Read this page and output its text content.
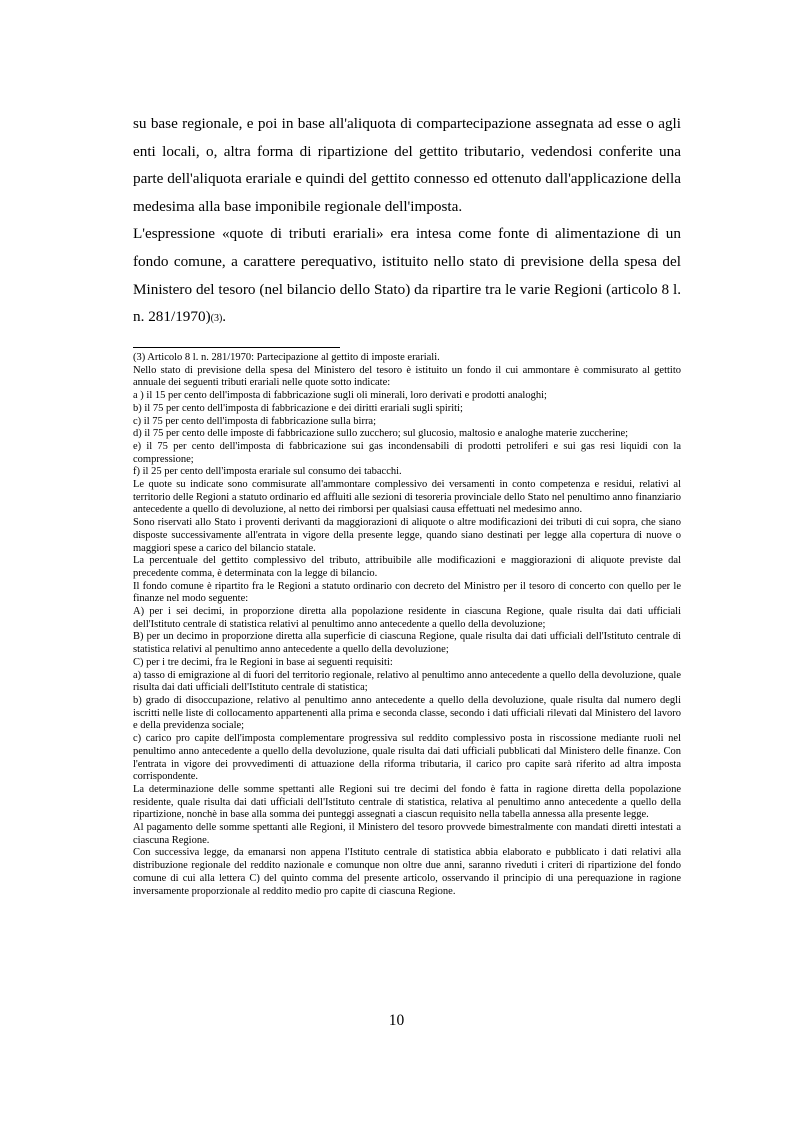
su base regionale, e poi in base all'aliquota di compartecipazione assegnata ad esse o agli enti locali, o, altra forma di ripartizione del gettito tributario, vedendosi conferite una parte dell'aliquota erariale e quindi del gettito connesso ed ottenuto dall'applicazione della medesima alla base imponibile regionale dell'imposta.

L'espressione «quote di tributi erariali» era intesa come fonte di alimentazione di un fondo comune, a carattere perequativo, istituito nello stato di previsione della spesa del Ministero del tesoro (nel bilancio dello Stato) da ripartire tra le varie Regioni (articolo 8 l. n. 281/1970)(3).

(3) Articolo 8 l. n. 281/1970: Partecipazione al gettito di imposte erariali.

Nello stato di previsione della spesa del Ministero del tesoro è istituito un fondo il cui ammontare è commisurato al gettito annuale dei seguenti tributi erariali nelle quote sotto indicate:

a ) il 15 per cento dell'imposta di fabbricazione sugli oli minerali, loro derivati e prodotti analoghi;

b) il 75 per cento dell'imposta di fabbricazione e dei diritti erariali sugli spiriti;

c) il 75 per cento dell'imposta di fabbricazione sulla birra;

d) il 75 per cento delle imposte di fabbricazione sullo zucchero; sul glucosio, maltosio e analoghe materie zuccherine;

e) il 75 per cento dell'imposta di fabbricazione sui gas incondensabili di prodotti petroliferi e sui gas resi liquidi con la compressione;

f) il 25 per cento dell'imposta erariale sul consumo dei tabacchi.

Le quote su indicate sono commisurate all'ammontare complessivo dei versamenti in conto competenza e residui, relativi al territorio delle Regioni a statuto ordinario ed affluiti alle sezioni di tesoreria provinciale dello Stato nel penultimo anno finanziario antecedente a quello di devoluzione, al netto dei rimborsi per qualsiasi causa effettuati nel medesimo anno.

Sono riservati allo Stato i proventi derivanti da maggiorazioni di aliquote o altre modificazioni dei tributi di cui sopra, che siano disposte successivamente all'entrata in vigore della presente legge, quando siano destinati per legge alla copertura di nuove o maggiori spese a carico del bilancio statale.

La percentuale del gettito complessivo del tributo, attribuibile alle modificazioni e maggiorazioni di aliquote previste dal precedente comma, è determinata con la legge di bilancio.

Il fondo comune è ripartito fra le Regioni a statuto ordinario con decreto del Ministro per il tesoro di concerto con quello per le finanze nel modo seguente:

A) per i sei decimi, in proporzione diretta alla popolazione residente in ciascuna Regione, quale risulta dai dati ufficiali dell'Istituto centrale di statistica relativi al penultimo anno antecedente a quello della devoluzione;

B) per un decimo in proporzione diretta alla superficie di ciascuna Regione, quale risulta dai dati ufficiali dell'Istituto centrale di statistica relativi al penultimo anno antecedente a quello della devoluzione;

C) per i tre decimi, fra le Regioni in base ai seguenti requisiti:

a) tasso di emigrazione al di fuori del territorio regionale, relativo al penultimo anno antecedente a quello della devoluzione, quale risulta dai dati ufficiali dell'Istituto centrale di statistica;

b) grado di disoccupazione, relativo al penultimo anno antecedente a quello della devoluzione, quale risulta dal numero degli iscritti nelle liste di collocamento appartenenti alla prima e seconda classe, secondo i dati ufficiali rilevati dal Ministero del lavoro e della previdenza sociale;

c) carico pro capite dell'imposta complementare progressiva sul reddito complessivo posta in riscossione mediante ruoli nel penultimo anno antecedente a quello della devoluzione, quale risulta dai dati ufficiali pubblicati dal Ministero delle finanze. Con l'entrata in vigore dei provvedimenti di attuazione della riforma tributaria, il carico pro capite sarà riferito ad altra imposta corrispondente.

La determinazione delle somme spettanti alle Regioni sui tre decimi del fondo è fatta in ragione diretta della popolazione residente, quale risulta dai dati ufficiali dell'Istituto centrale di statistica, relativa al penultimo anno antecedente a quello della ripartizione, nonchè in base alla somma dei punteggi assegnati a ciascun requisito nella tabella annessa alla presente legge.

Al pagamento delle somme spettanti alle Regioni, il Ministero del tesoro provvede bimestralmente con mandati diretti intestati a ciascuna Regione.

Con successiva legge, da emanarsi non appena l'Istituto centrale di statistica abbia elaborato e pubblicato i dati relativi alla distribuzione regionale del reddito nazionale e comunque non oltre due anni, saranno riveduti i criteri di ripartizione del fondo comune di cui alla lettera C) del quinto comma del presente articolo, osservando il principio di una perequazione in ragione inversamente proporzionale al reddito medio pro capite di ciascuna Regione.

10
